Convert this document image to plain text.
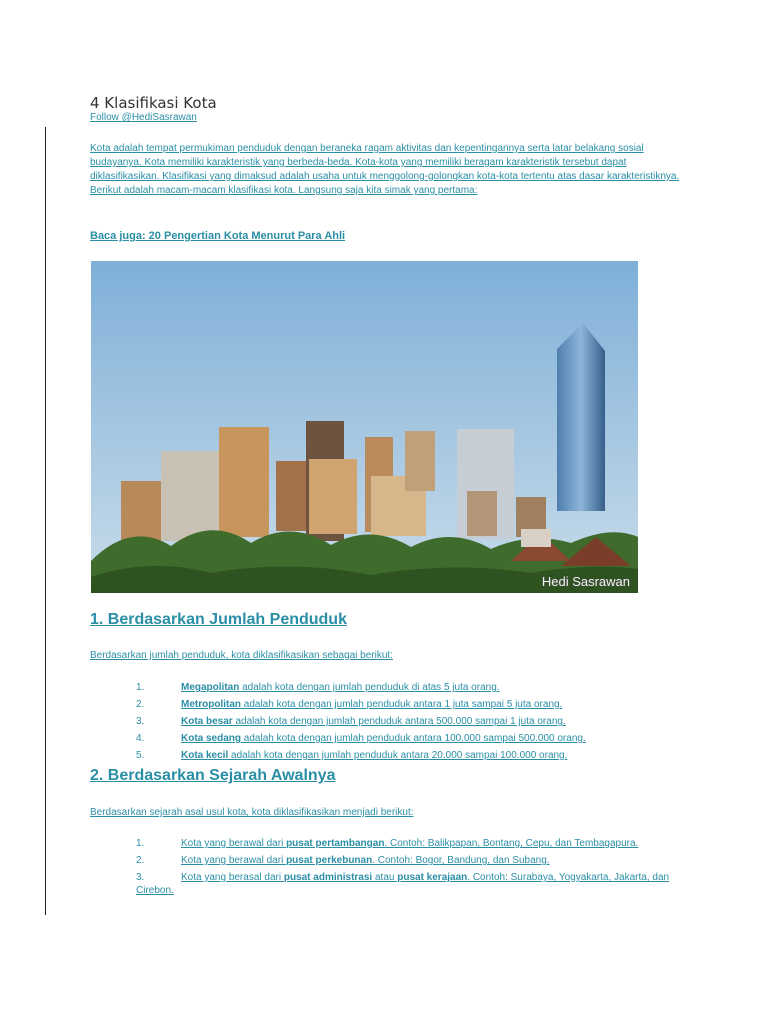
4 Klasifikasi Kota
Follow @HediSasrawan
Kota adalah tempat permukiman penduduk dengan beraneka ragam aktivitas dan kepentingannya serta latar belakang sosial budayanya. Kota memiliki karakteristik yang berbeda-beda. Kota-kota yang memiliki beragam karakteristik tersebut dapat diklasifikasikan. Klasifikasi yang dimaksud adalah usaha untuk menggolong-golongkan kota-kota tertentu atas dasar karakteristiknya. Berikut adalah macam-macam klasifikasi kota. Langsung saja kita simak yang pertama:
Baca juga: 20 Pengertian Kota Menurut Para Ahli
Hedi Sasrawan
1. Berdasarkan Jumlah Penduduk
Berdasarkan jumlah penduduk, kota diklasifikasikan sebagai berikut:
1.	Megapolitan adalah kota dengan jumlah penduduk di atas 5 juta orang.
2.	Metropolitan adalah kota dengan jumlah penduduk antara 1 juta sampai 5 juta orang.
3.	Kota besar adalah kota dengan jumlah penduduk antara 500.000 sampai 1 juta orang.
4.	Kota sedang adalah kota dengan jumlah penduduk antara 100.000 sampai 500.000 orang.
5.	Kota kecil adalah kota dengan jumlah penduduk antara 20.000 sampai 100.000 orang.
2. Berdasarkan Sejarah Awalnya
Berdasarkan sejarah asal usul kota, kota diklasifikasikan menjadi berikut:
1.	Kota yang berawal dari pusat pertambangan. Contoh: Balikpapan, Bontang, Cepu, dan Tembagapura.
2.	Kota yang berawal dari pusat perkebunan. Contoh: Bogor, Bandung, dan Subang.
3.	Kota yang berasal dari pusat administrasi atau pusat kerajaan. Contoh: Surabaya, Yogyakarta, Jakarta, dan Cirebon.
